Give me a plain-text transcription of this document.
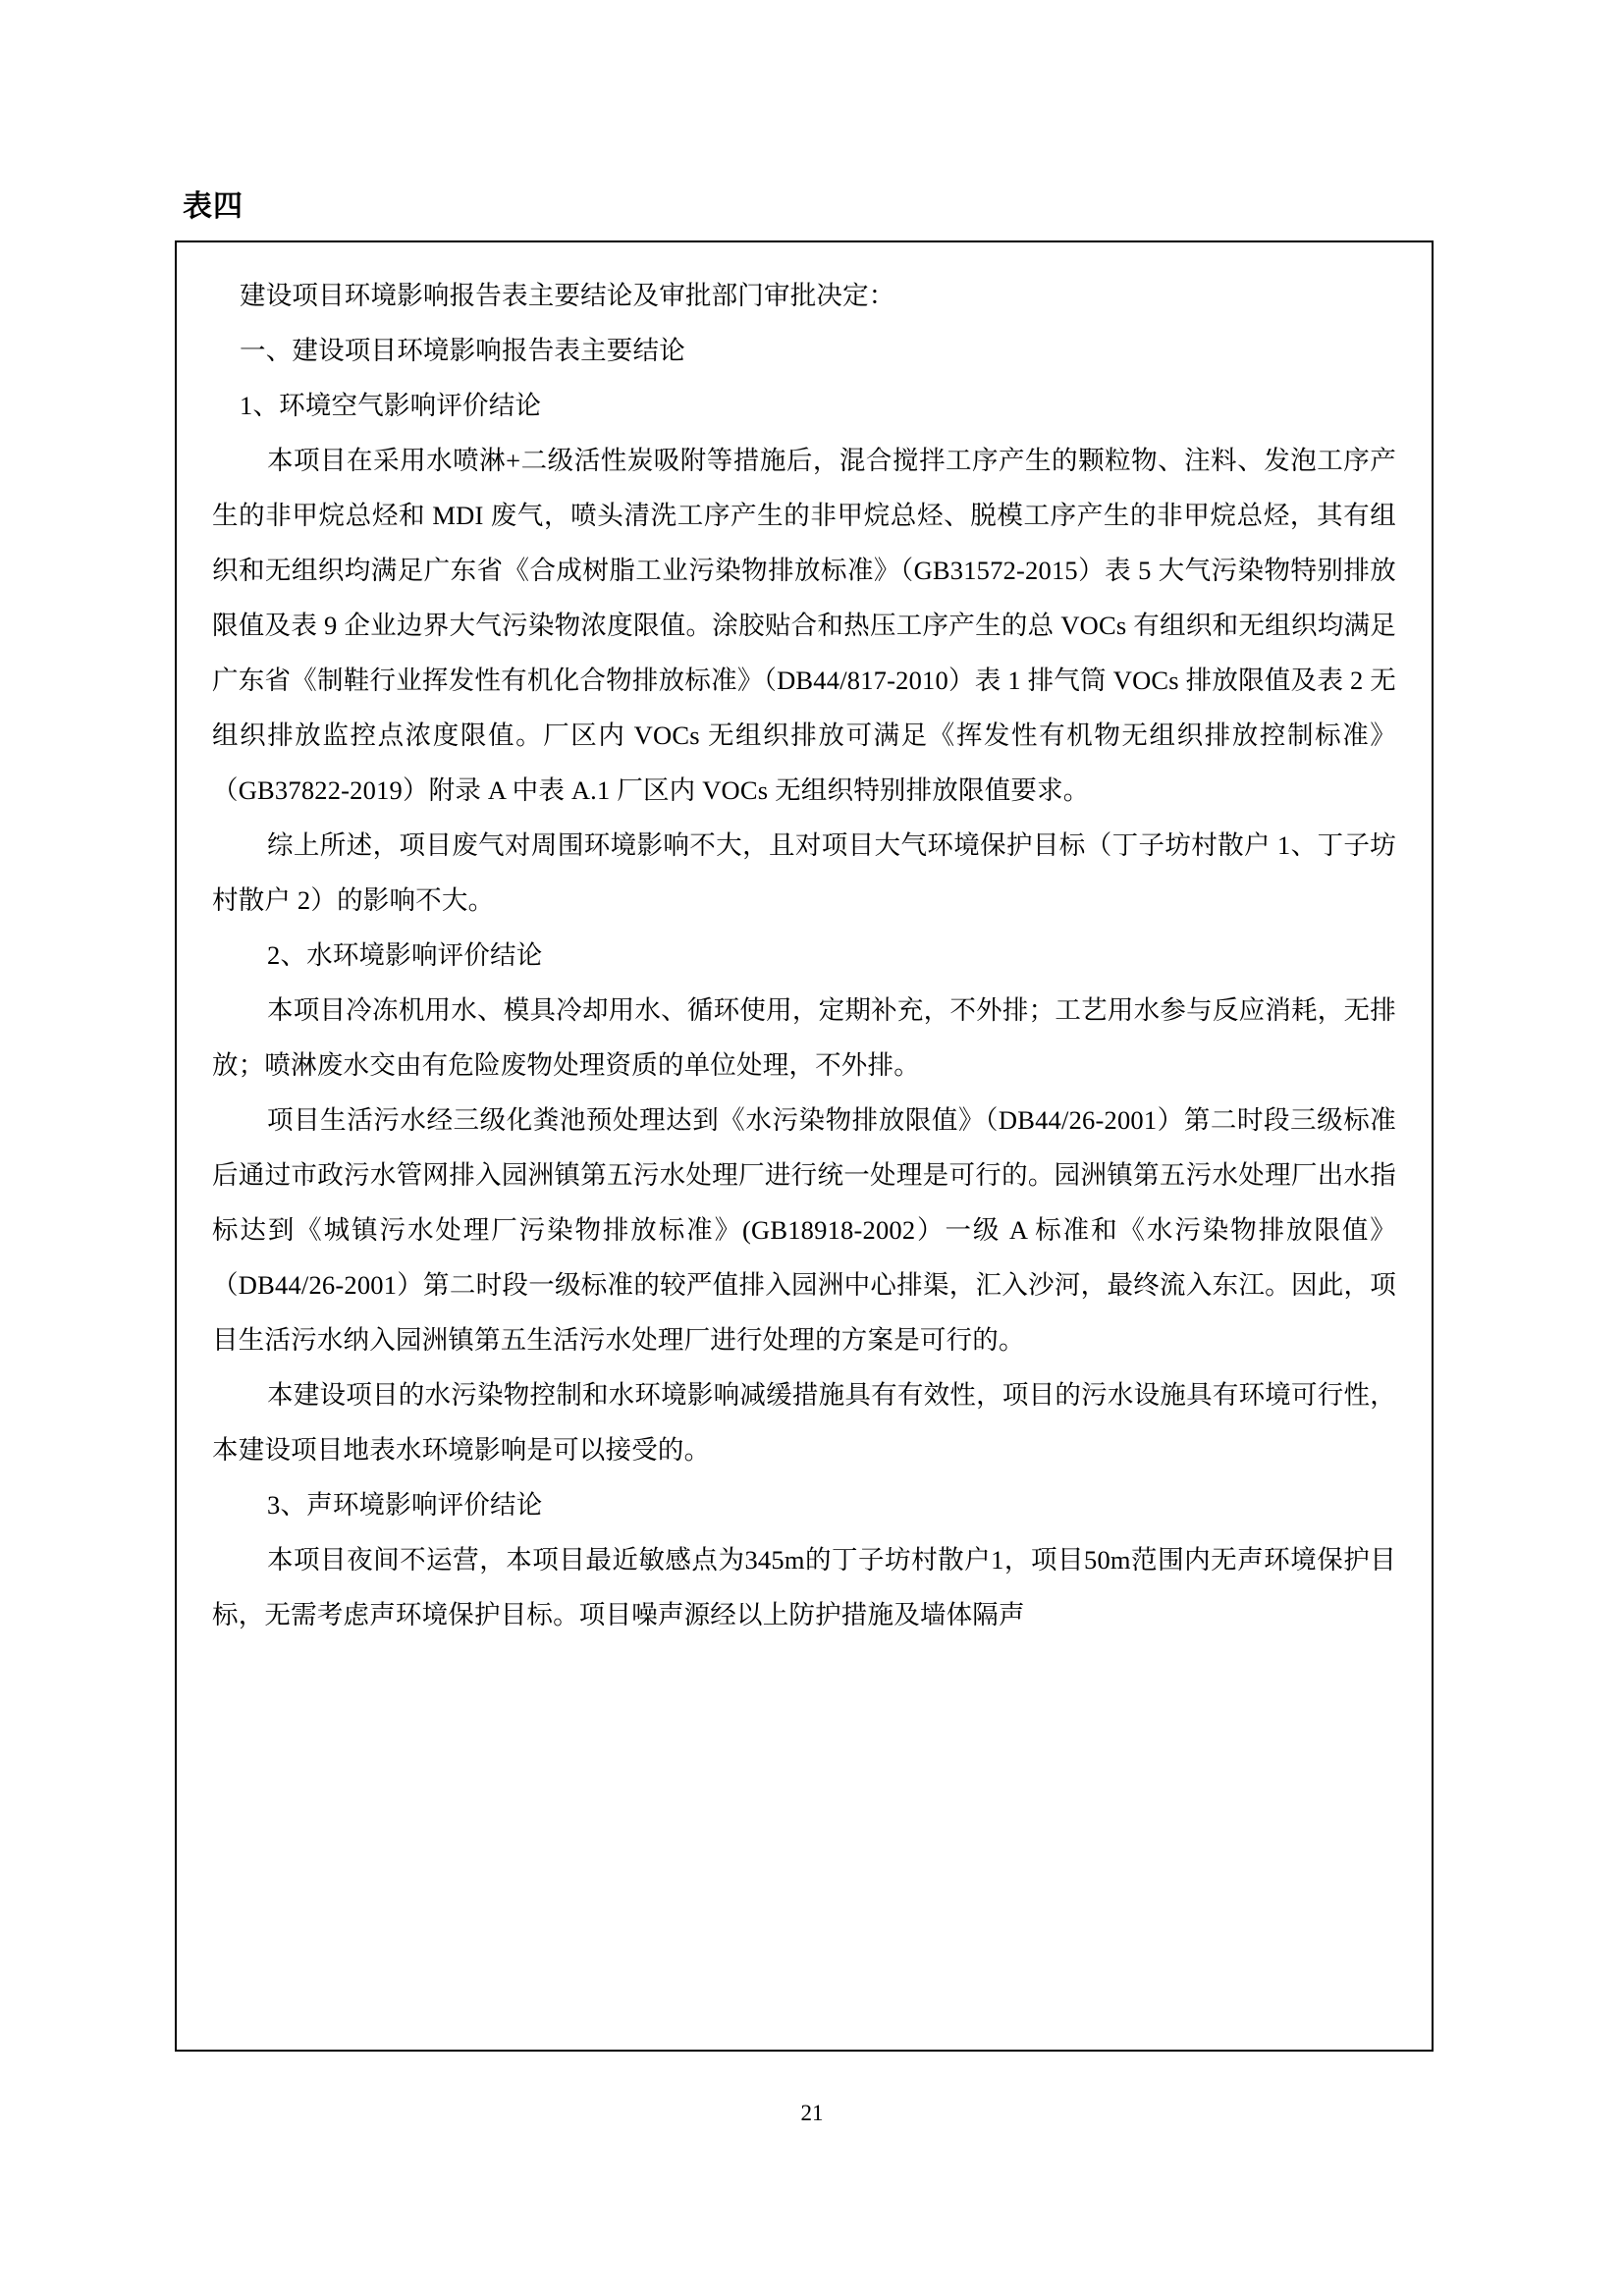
表四

建设项目环境影响报告表主要结论及审批部门审批决定：

一、建设项目环境影响报告表主要结论

1、环境空气影响评价结论

本项目在采用水喷淋+二级活性炭吸附等措施后，混合搅拌工序产生的颗粒物、注料、发泡工序产生的非甲烷总烃和 MDI 废气，喷头清洗工序产生的非甲烷总烃、脱模工序产生的非甲烷总烃，其有组织和无组织均满足广东省《合成树脂工业污染物排放标准》（GB31572-2015）表 5 大气污染物特别排放限值及表 9 企业边界大气污染物浓度限值。涂胶贴合和热压工序产生的总 VOCs 有组织和无组织均满足广东省《制鞋行业挥发性有机化合物排放标准》（DB44/817-2010）表 1 排气筒 VOCs 排放限值及表 2 无组织排放监控点浓度限值。厂区内 VOCs 无组织排放可满足《挥发性有机物无组织排放控制标准》（GB37822-2019）附录 A 中表 A.1 厂区内 VOCs 无组织特别排放限值要求。

综上所述，项目废气对周围环境影响不大，且对项目大气环境保护目标（丁子坊村散户 1、丁子坊村散户 2）的影响不大。

2、水环境影响评价结论

本项目冷冻机用水、模具冷却用水、循环使用，定期补充，不外排；工艺用水参与反应消耗，无排放；喷淋废水交由有危险废物处理资质的单位处理，不外排。

项目生活污水经三级化粪池预处理达到《水污染物排放限值》（DB44/26-2001）第二时段三级标准后通过市政污水管网排入园洲镇第五污水处理厂进行统一处理是可行的。园洲镇第五污水处理厂出水指标达到《城镇污水处理厂污染物排放标准》(GB18918-2002）一级 A 标准和《水污染物排放限值》（DB44/26-2001）第二时段一级标准的较严值排入园洲中心排渠，汇入沙河，最终流入东江。因此，项目生活污水纳入园洲镇第五生活污水处理厂进行处理的方案是可行的。

本建设项目的水污染物控制和水环境影响减缓措施具有有效性，项目的污水设施具有环境可行性，本建设项目地表水环境影响是可以接受的。

3、声环境影响评价结论

本项目夜间不运营，本项目最近敏感点为345m的丁子坊村散户1，项目50m范围内无声环境保护目标，无需考虑声环境保护目标。项目噪声源经以上防护措施及墙体隔声

21
